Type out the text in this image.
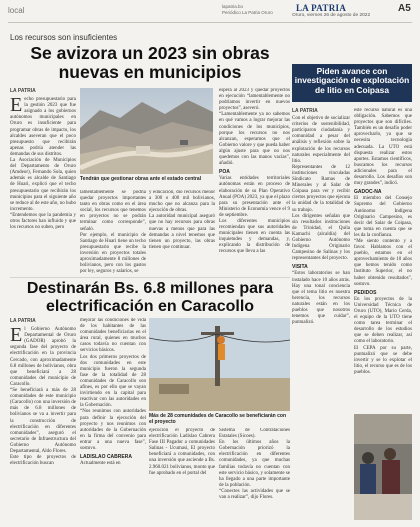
local	lapatria.bo
Periódico La Patria Oruro	LA PATRIA
Oruro, viernes 26 de agosto de 2022
A5
Los recursos son insuficientes
Se avizora un 2023 sin obras nuevas en municipios
LA PATRIA

Eecho presupuestario para la gestión 2023 que fue asignado a los gobiernos autónomos municipales en Oruro es insuficiente para programar obras de impacto, los alcaldes aseveran que el poco presupuesto que recibirán apenas podría atender las demandas de sus distritos.

La Asociación de Municipios del Departamento de Oruro (Amdeor), Fernando Sola, quien además es alcalde de Santiago de Huari, explicó que el techo presupuestario que recibirán los municipios para el siguiente año se reduce al de este año, no hubo incremento.

“Entendemos que la pandemia y otros factores han influido y que los recursos no suben, pero

Tendrán que gestionar obras ante el estado central

lamentablemente se podría quedar proyectos importantes tanto en obras como en el área social, los recursos que tenemos en proyectos no se podrán terminar como corresponde”, señaló.

Por ejemplo, el municipio de Santiago de Huari tiene un techo presupuestario que recibe la inversión en proyectos totales aproximadamente 8 millones de bolivianos, pero con los gastos por ley, seguros y salarios, se

y educación, dio recursos menor a 300 o 400 mil bolivianos, mucho que no alcanza para la ejecución de obras.

La autoridad municipal aseguró que no hay recursos para obras nuevas a menos que para las demandas a nivel tenemos que tienen un proyecto, las obras tienen que continuar.

espera al 2023 y quedar proyectos en ejecución “lamentablemente no podríamos invertir en nuevos proyectos”, aseveró.

“Lamentablemente ya no sabemos en qué vamos a lograr mejorar las condiciones de los municipios, porque los recursos no nos alcanzan, esperamos que el Gobierno valore y que pueda haber algún ajuste para que no nos quedemos con las manos vacías”, añadió.

POA

Varias entidades territoriales autónomas están en proceso de elaboración de su Plan Operativo Anual (POA) 2023, ya que el plazo para su presentación ante el Ministerio de Economía vence el 9 de septiembre.

Los diferentes municipios recomiendan que sus autoridades municipales tienen en cuenta las inquietudes y demandas, y, explicando la distribución de recursos que lleva a las

Piden avance con investigación de explotación de litio en Coipasa
LA PATRIA

Con el objetivo de socializar criterios de sostenibilidad, participaron ciudadanía y comunidad a pesar del análisis y reflexión sobre la explotación de los recursos naturales especialmente del litio.

Representantes de 12 instituciones vinculadas Sindicato Ramas de Minerales y al Salar de Coipasa para ver y recibir ciertos proyectos que ejecuta la unidad de la totalidad de su trabajo.

Los dirigentes señalan que sin resultados instituciones de Trinidad, el Quila Kamachi (alcaldía) del Gobierno Autónomo Indígena Originario Campesino de Salinas y los representantes del proyecto.

VISITA

“Estos laboratorios se han instalado hace 10 años atrás. Hay una tonal conciencia que el tema litio es nuestra herencia, los recursos naturales están en los pueblos que nosotros tenemos que cuidar”, puntualizó.

este recurso natural es una obligación. Sabemos que proyectos que son difíciles. También es un desafío poder aprovecharlo, ya que se necesita tecnología adecuada. La UTO está dispuesta realizar estos aportes. Estamos científicos, buscamos los recursos adicionales para el desarrollo. Los desafíos son muy grandes”, indicó.

GADOC-NA

El miembro del Consejo Supremo del Gobierno Autónomo Indígena Originario Campesino, es decir del Salar de Coipasa, que toma en cuenta que se les da la confianza.

“Me siento contento y a favor. Hablamos con el pueblo, estamos en el aprovechamiento de 10 años que hemos tenido como Instituto Superior, el no haber obtenido resultados”, sostuvo.

PEDIDOS

En los proyectos de la Universidad Técnica de Oruro (UTO), Mario Cerda, el equipo de la UTO tiene como tarea terminar el desarrollo de los estudios que se deben realizar, así como el laboratorio.

El CEPA por su parte, puntualizó que se debe invertir y se lo explotar el litio, el recurso que es de los pueblos.

Destinarán Bs. 6.8 millones para electrificación en Caracollo
LA PATRIA

El Gobierno Autónomo Departamental de Oruro (GADOR) aprobó la segunda fase del proyecto de electrificación en la provincia Cercado, con aproximadamente 6.8 millones de bolivianos, obra que beneficiará a 28 comunidades del municipio de Caracollo.

“Se beneficiará a más de 28 comunidades de este municipio (Caracollo) con una inversión de más de 6.8 millones de bolivianos se va a invertir para la construcción de electrificación en diferentes comunidades”, aseguró el secretario de Infraestructura del Gobierno Autónomo Departamental, Aldo Flores.

Este tipo de proyectos de electrificación buscan

mejorar las condiciones de vida de los habitantes de las comunidades beneficiarias en el área rural, quienes en muchos casos todavía no cuentan con servicios básicos.

Los dos primeros proyectos de dos comunidades en este municipio fueron la segunda fase de la totalidad de 28 comunidades de Caracollo son afines, es por ello que se vayan invirtiendo en la capital para reactivar con las autoridades en la Gobernación.

“Nos reunimos con autoridades para definir la ejecución del proyecto y nos reunimos con autoridades de la Gobernación en la firma del convenio para entrar a una nueva fase”, sostuvo.

LADISLAO CABRERA

Actualmente está en

Más de 28 comunidades de Caracollo se beneficiarán con el proyecto

ejecución el proyecto de electrificación Ladislao Cabrera Fase III Pagador a comunidades Salinas - Ucumasi, El proyecto beneficiará a comunidades, con una inversión que asciende a Bs. 2.960.021 bolivianos, monto que fue aprobado en el portal del

Sistema de Contrataciones Estatales (Sicoes).

En los últimos años la Gobernación priorizó la electrificación en diferentes comunidades, ya que muchas familias todavía no cuentan con este servicio básico, y solamente se ha llegado a una parte importante de la población.

“Conectes las actividades que se van a realizar”, dijo Flores.
